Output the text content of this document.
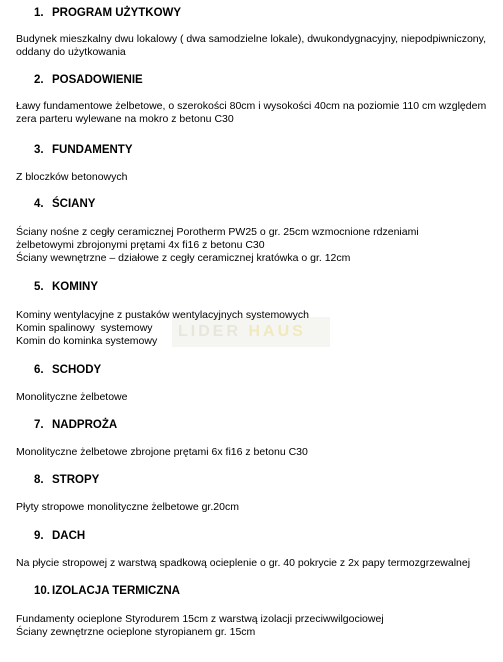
1. PROGRAM UŻYTKOWY

Budynek mieszkalny dwu lokalowy ( dwa samodzielne lokale), dwukondygnacyjny, niepodpiwniczony, oddany do użytkowania

2. POSADOWIENIE

Ławy fundamentowe żelbetowe, o szerokości 80cm i wysokości 40cm na poziomie 110 cm względem zera parteru wylewane na mokro z betonu C30

3. FUNDAMENTY

Z bloczków betonowych

4. ŚCIANY

Ściany nośne z cegły ceramicznej Porotherm PW25 o gr. 25cm wzmocnione rdzeniami żelbetowymi zbrojonymi prętami 4x fi16 z betonu C30

Ściany wewnętrzne – działowe z cegły ceramicznej kratówka o gr. 12cm

5. KOMINY
LIDER HAUS

Kominy wentylacyjne z pustaków wentylacyjnych systemowych

Komin spalinowy  systemowy

Komin do kominka systemowy

6. SCHODY

Monolityczne żelbetowe

7. NADPROŻA

Monolityczne żelbetowe zbrojone prętami 6x fi16 z betonu C30

8. STROPY

Płyty stropowe monolityczne żelbetowe gr.20cm

9. DACH

Na płycie stropowej z warstwą spadkową ocieplenie o gr. 40 pokrycie z 2x papy termozgrzewalnej

10. IZOLACJA TERMICZNA

Fundamenty ocieplone Styrodurem 15cm z warstwą izolacji przeciwwilgociowej

Ściany zewnętrzne ocieplone styropianem gr. 15cm
